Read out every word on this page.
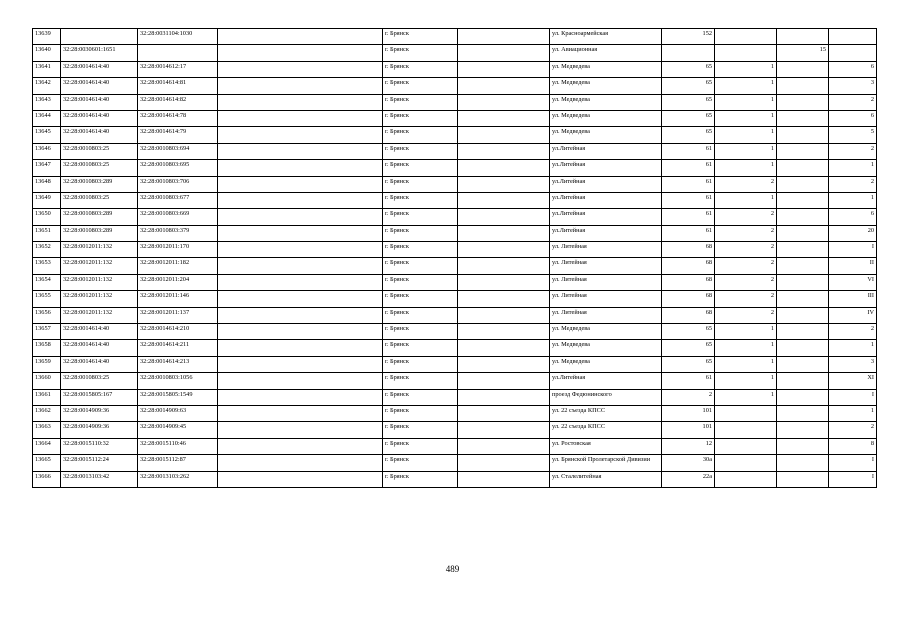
13639		32:28:0031104:1030		г. Брянск		ул. Красноармейская	152			
13640	32:28:0030601:1651			г. Брянск		ул. Авиационная			15	
13641	32:28:0014614:40	32:28:0014612:17		г. Брянск		ул. Медведева	65	1		6
13642	32:28:0014614:40	32:28:0014614:81		г. Брянск		ул. Медведева	65	1		3
13643	32:28:0014614:40	32:28:0014614:82		г. Брянск		ул. Медведева	65	1		2
13644	32:28:0014614:40	32:28:0014614:78		г. Брянск		ул. Медведева	65	1		6
13645	32:28:0014614:40	32:28:0014614:79		г. Брянск		ул. Медведева	65	1		5
13646	32:28:0010803:25	32:28:0010803:694		г. Брянск		ул.Литейная	61	1		2
13647	32:28:0010803:25	32:28:0010803:695		г. Брянск		ул.Литейная	61	1		1
13648	32:28:0010803:289	32:28:0010803:706		г. Брянск		ул.Литейная	61	2		2
13649	32:28:0010803:25	32:28:0010803:677		г. Брянск		ул.Литейная	61	1		1
13650	32:28:0010803:289	32:28:0010803:669		г. Брянск		ул.Литейная	61	2		6
13651	32:28:0010803:289	32:28:0010803:379		г. Брянск		ул.Литейная	61	2		20
13652	32:28:0012011:132	32:28:0012011:170		г. Брянск		ул. Литейная	68	2		I
13653	32:28:0012011:132	32:28:0012011:182		г. Брянск		ул. Литейная	68	2		II
13654	32:28:0012011:132	32:28:0012011:204		г. Брянск		ул. Литейная	68	2		VI
13655	32:28:0012011:132	32:28:0012011:146		г. Брянск		ул. Литейная	68	2		III
13656	32:28:0012011:132	32:28:0012011:137		г. Брянск		ул. Литейная	68	2		IV
13657	32:28:0014614:40	32:28:0014614:210		г. Брянск		ул. Медведева	65	1		2
13658	32:28:0014614:40	32:28:0014614:211		г. Брянск		ул. Медведева	65	1		1
13659	32:28:0014614:40	32:28:0014614:213		г. Брянск		ул. Медведева	65	1		3
13660	32:28:0010803:25	32:28:0010803:1056		г. Брянск		ул.Литейная	61	1		XI
13661	32:28:0015805:167	32:28:0015805:1549		г. Брянск		проезд Федюнинского	2	1		I
13662	32:28:0014909:36	32:28:0014909:63		г. Брянск		ул. 22 съезда КПСС	101			1
13663	32:28:0014909:36	32:28:0014909:45		г. Брянск		ул. 22 съезда КПСС	101			2
13664	32:28:0015110:32	32:28:0015110:46		г. Брянск		ул. Ростовская	12			8
13665	32:28:0015112:24	32:28:0015112:87		г. Брянск		ул. Брянской Пролетарской Дивизии	30а			I
13666	32:28:0013103:42	32:28:0013103:262		г. Брянск		ул. Сталелитейная	22а			I
489
